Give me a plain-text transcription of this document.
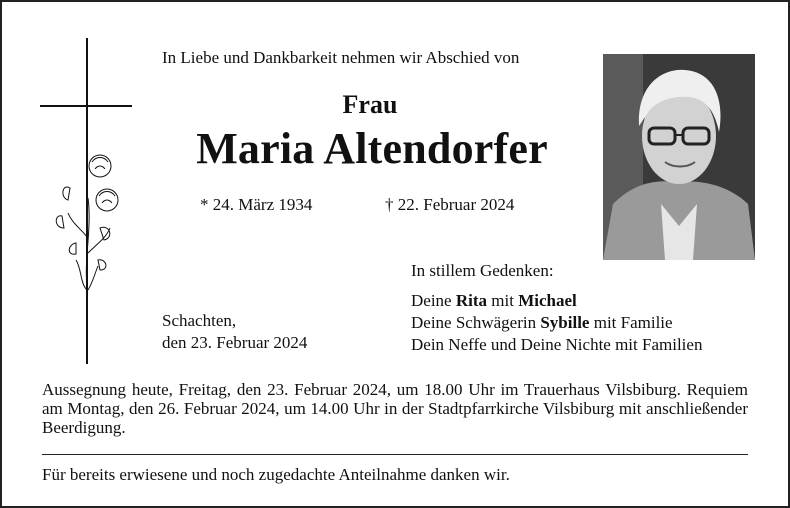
In Liebe und Dankbarkeit nehmen wir Abschied von
Frau
Maria Altendorfer
* 24. März 1934	† 22. Februar 2024
Schachten,
den 23. Februar 2024
In stillem Gedenken:
Deine Rita mit Michael
Deine Schwägerin Sybille mit Familie
Dein Neffe und Deine Nichte mit Familien
Aussegnung heute, Freitag, den 23. Februar 2024, um 18.00 Uhr im Trauerhaus Vilsbiburg. Requiem am Montag, den 26. Februar 2024, um 14.00 Uhr in der Stadtpfarrkirche Vilsbiburg mit anschließender Beerdigung.
Für bereits erwiesene und noch zugedachte Anteilnahme danken wir.
